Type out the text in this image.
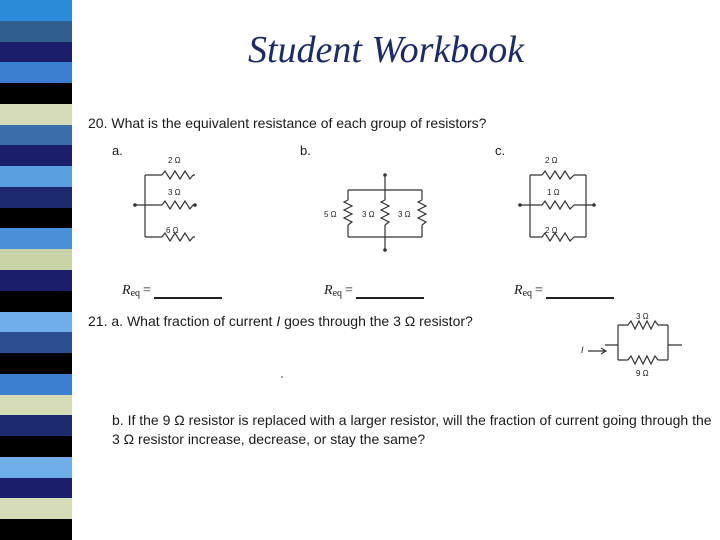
Student Workbook
20. What is the equivalent resistance of each group of resistors?
a.	b.	c.
2 Ω
3 Ω
6 Ω
5 Ω	3 Ω	3 Ω
2 Ω
1 Ω
2 Ω
3 Ω
9 Ω
I
R eq =	R eq =	R eq =
21. a. What fraction of current I goes through the 3 Ω resistor?
b. If the 9 Ω resistor is replaced with a larger resistor, will the fraction of current going through the 3 Ω resistor increase, decrease, or stay the same?
